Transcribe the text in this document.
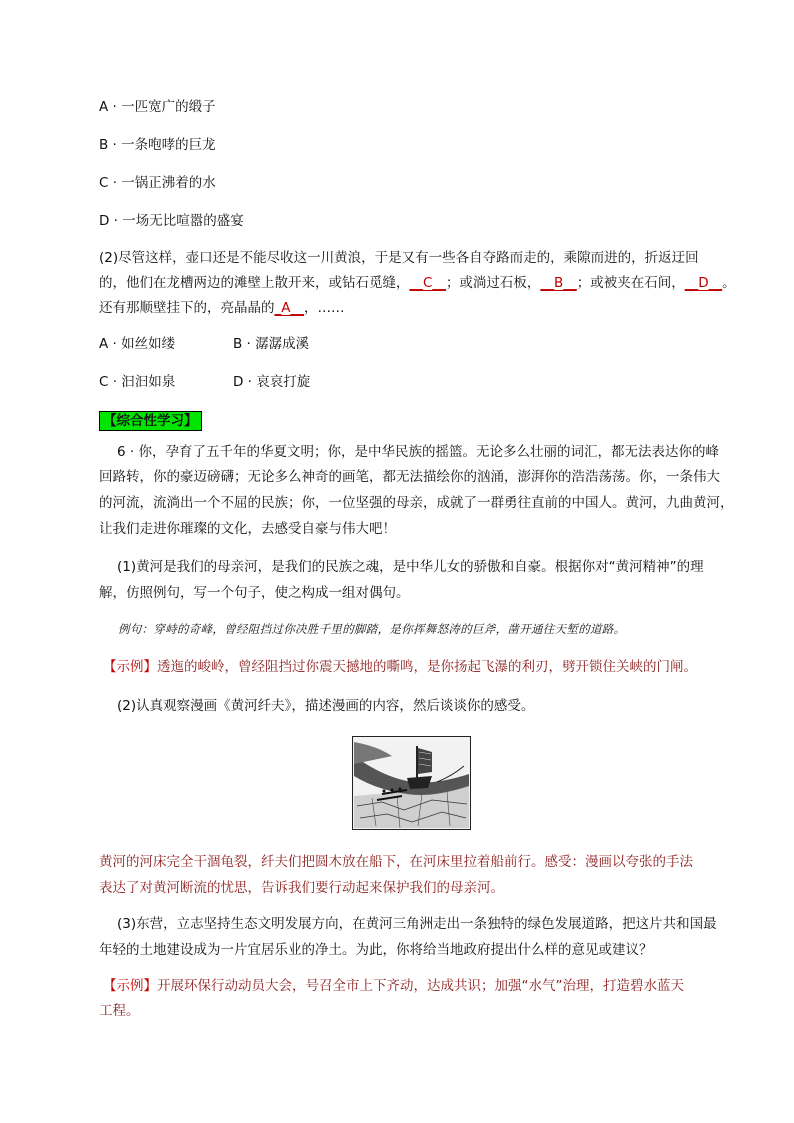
A · 一匹宽广的缎子
B · 一条咆哮的巨龙
C · 一锅正沸着的水
D · 一场无比喧嚣的盛宴
(2)尽管这样，壶口还是不能尽收这一川黄浪，于是又有一些各自夺路而走的，乘隙而进的，折返迂回
的，他们在龙槽两边的滩壁上散开来，或钻石觅缝，__C__；或淌过石板，__B__；或被夹在石间，__D__。
还有那顺壁挂下的，亮晶晶的_A__，……
A · 如丝如缕	B · 潺潺成溪
C · 汩汩如泉	D · 哀哀打旋
【综合性学习】
6 · 你，孕育了五千年的华夏文明；你，是中华民族的摇篮。无论多么壮丽的词汇，都无法表达你的峰
回路转，你的豪迈磅礴；无论多么神奇的画笔，都无法描绘你的汹涌，澎湃你的浩浩荡荡。你，一条伟大
的河流，流淌出一个不屈的民族；你，一位坚强的母亲，成就了一群勇往直前的中国人。黄河，九曲黄河，
让我们走进你璀璨的文化，去感受自豪与伟大吧！
(1)黄河是我们的母亲河，是我们的民族之魂，是中华儿女的骄傲和自豪。根据你对“黄河精神”的理
解，仿照例句，写一个句子，使之构成一组对偶句。
例句：穿峙的奇峰，曾经阻挡过你决胜千里的脚踏，是你挥舞怒涛的巨斧，凿开通往天堑的道路。
【示例】透迤的峻岭，曾经阻挡过你震天撼地的嘶鸣，是你扬起飞瀑的利刃，劈开锁住关峡的门闸。
(2)认真观察漫画《黄河纤夫》，描述漫画的内容，然后谈谈你的感受。
黄河的河床完全干涸龟裂，纤夫们把圆木放在船下，在河床里拉着船前行。感受：漫画以夸张的手法
表达了对黄河断流的忧思，告诉我们要行动起来保护我们的母亲河。
(3)东营，立志坚持生态文明发展方向，在黄河三角洲走出一条独特的绿色发展道路，把这片共和国最
年轻的土地建设成为一片宜居乐业的净土。为此，你将给当地政府提出什么样的意见或建议？
【示例】开展环保行动动员大会，号召全市上下齐动，达成共识；加强“水气”治理，打造碧水蓝天
工程。
